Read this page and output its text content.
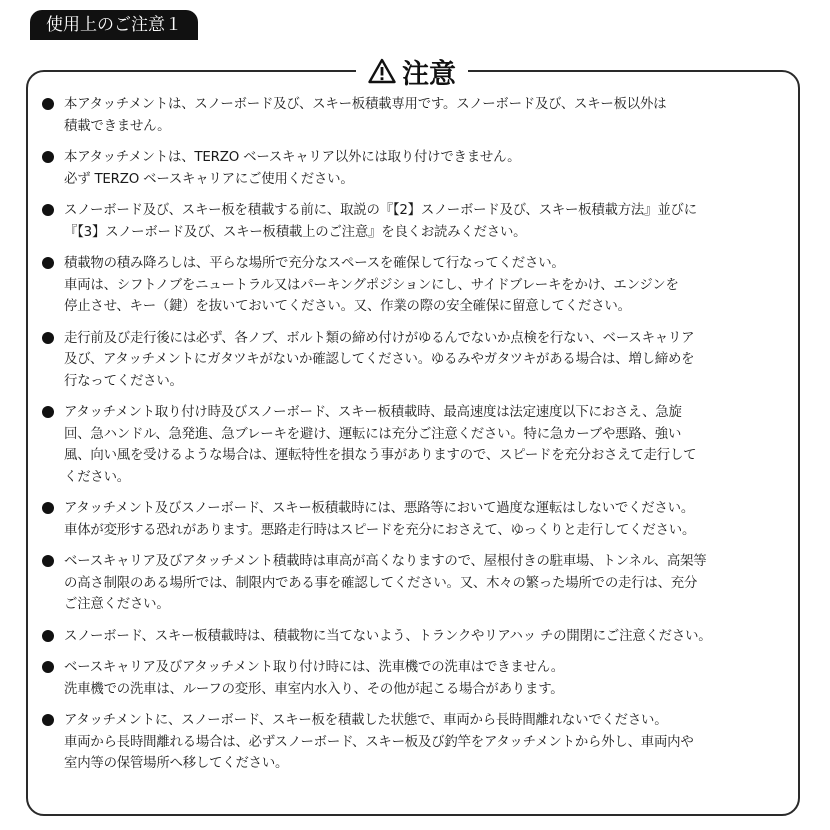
使用上のご注意１
注意
本アタッチメントは、スノーボード及び、スキー板積載専用です。スノーボード及び、スキー板以外は
積載できません。
本アタッチメントは、TERZO ベースキャリア以外には取り付けできません。
必ず TERZO ベースキャリアにご使用ください。
スノーボード及び、スキー板を積載する前に、取説の『【2】スノーボード及び、スキー板積載方法』並びに
『【3】スノーボード及び、スキー板積載上のご注意』を良くお読みください。
積載物の積み降ろしは、平らな場所で充分なスペースを確保して行なってください。
車両は、シフトノブをニュートラル又はパーキングポジションにし、サイドブレーキをかけ、エンジンを
停止させ、キー（鍵）を抜いておいてください。又、作業の際の安全確保に留意してください。
走行前及び走行後には必ず、各ノブ、ボルト類の締め付けがゆるんでないか点検を行ない、ベースキャリア
及び、アタッチメントにガタツキがないか確認してください。ゆるみやガタツキがある場合は、増し締めを
行なってください。
アタッチメント取り付け時及びスノーボード、スキー板積載時、最高速度は法定速度以下におさえ、急旋
回、急ハンドル、急発進、急ブレーキを避け、運転には充分ご注意ください。特に急カーブや悪路、強い
風、向い風を受けるような場合は、運転特性を損なう事がありますので、スピードを充分おさえて走行して
ください。
アタッチメント及びスノーボード、スキー板積載時には、悪路等において過度な運転はしないでください。
車体が変形する恐れがあります。悪路走行時はスピードを充分におさえて、ゆっくりと走行してください。
ベースキャリア及びアタッチメント積載時は車高が高くなりますので、屋根付きの駐車場、トンネル、高架等
の高さ制限のある場所では、制限内である事を確認してください。又、木々の繁った場所での走行は、充分
ご注意ください。
スノーボード、スキー板積載時は、積載物に当てないよう、トランクやリアハッ チの開閉にご注意ください。
ベースキャリア及びアタッチメント取り付け時には、洗車機での洗車はできません。
洗車機での洗車は、ルーフの変形、車室内水入り、その他が起こる場合があります。
アタッチメントに、スノーボード、スキー板を積載した状態で、車両から長時間離れないでください。
車両から長時間離れる場合は、必ずスノーボード、スキー板及び釣竿をアタッチメントから外し、車両内や
室内等の保管場所へ移してください。
